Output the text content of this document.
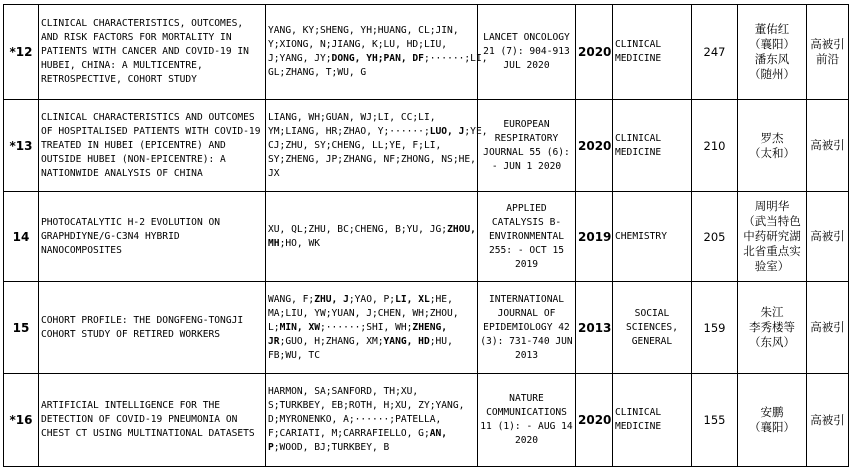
*12	CLINICAL CHARACTERISTICS, OUTCOMES,
AND RISK FACTORS FOR MORTALITY IN
PATIENTS WITH CANCER AND COVID-19 IN
HUBEI, CHINA: A MULTICENTRE,
RETROSPECTIVE, COHORT STUDY	YANG, KY;SHENG, YH;HUANG, CL;JIN,
Y;XIONG, N;JIANG, K;LU, HD;LIU,
J;YANG, JY;DONG, YH;PAN, DF;······;LI,
GL;ZHANG, T;WU, G	LANCET ONCOLOGY
21 (7): 904-913
JUL 2020	2020	CLINICAL
MEDICINE	247	董佑红
（襄阳）
潘东风
（随州）	高被引
前沿

*13	CLINICAL CHARACTERISTICS AND OUTCOMES
OF HOSPITALISED PATIENTS WITH COVID-19
TREATED IN HUBEI (EPICENTRE) AND
OUTSIDE HUBEI (NON-EPICENTRE): A
NATIONWIDE ANALYSIS OF CHINA	LIANG, WH;GUAN, WJ;LI, CC;LI,
YM;LIANG, HR;ZHAO, Y;······;LUO, J;YE,
CJ;ZHU, SY;CHENG, LL;YE, F;LI,
SY;ZHENG, JP;ZHANG, NF;ZHONG, NS;HE,
JX	EUROPEAN
RESPIRATORY
JOURNAL 55 (6):
- JUN 1 2020	2020	CLINICAL
MEDICINE	210	罗杰
（太和）	高被引

14	PHOTOCATALYTIC H-2 EVOLUTION ON
GRAPHDIYNE/G-C3N4 HYBRID
NANOCOMPOSITES	XU, QL;ZHU, BC;CHENG, B;YU, JG;ZHOU,
MH;HO, WK	APPLIED
CATALYSIS B-
ENVIRONMENTAL
255: - OCT 15
2019	2019	CHEMISTRY	205	周明华
（武当特色
中药研究湖
北省重点实
验室）	高被引

15	COHORT PROFILE: THE DONGFENG-TONGJI
COHORT STUDY OF RETIRED WORKERS	WANG, F;ZHU, J;YAO, P;LI, XL;HE,
MA;LIU, YW;YUAN, J;CHEN, WH;ZHOU,
L;MIN, XW;······;SHI, WH;ZHENG,
JR;GUO, H;ZHANG, XM;YANG, HD;HU,
FB;WU, TC	INTERNATIONAL
JOURNAL OF
EPIDEMIOLOGY 42
(3): 731-740 JUN
2013	2013	SOCIAL
SCIENCES,
GENERAL	159	朱江
李秀楼等
（东风）	高被引

*16	ARTIFICIAL INTELLIGENCE FOR THE
DETECTION OF COVID-19 PNEUMONIA ON
CHEST CT USING MULTINATIONAL DATASETS	HARMON, SA;SANFORD, TH;XU,
S;TURKBEY, EB;ROTH, H;XU, ZY;YANG,
D;MYRONENKO, A;······;PATELLA,
F;CARIATI, M;CARRAFIELLO, G;AN,
P;WOOD, BJ;TURKBEY, B	NATURE
COMMUNICATIONS
11 (1): - AUG 14
2020	2020	CLINICAL
MEDICINE	155	安鹏
（襄阳）	高被引
